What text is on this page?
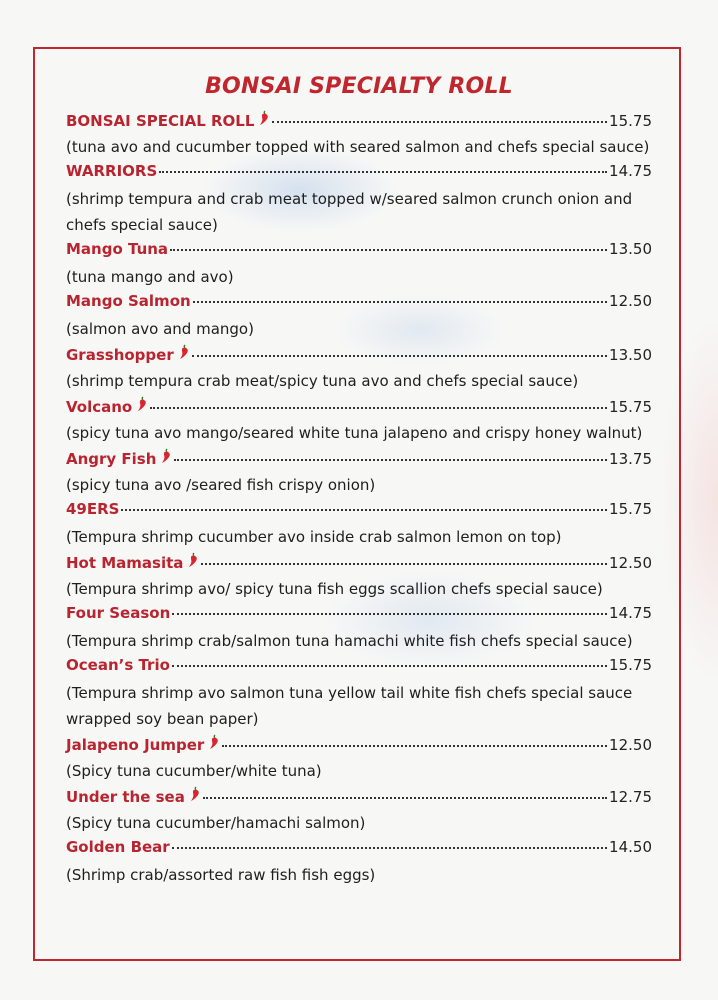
BONSAI SPECIALTY ROLL
BONSAI SPECIAL ROLL	15.75
(tuna avo and cucumber topped with seared salmon and chefs special sauce)
WARRIORS	14.75
(shrimp tempura and crab meat topped w/seared salmon crunch onion and chefs special sauce)
Mango Tuna	13.50
(tuna mango and avo)
Mango Salmon	12.50
(salmon avo and mango)
Grasshopper	13.50
(shrimp tempura crab meat/spicy tuna avo and chefs special sauce)
Volcano	15.75
(spicy tuna avo mango/seared white tuna jalapeno and crispy honey walnut)
Angry Fish	13.75
(spicy tuna avo /seared fish crispy onion)
49ERS	15.75
(Tempura shrimp cucumber avo inside crab salmon lemon on top)
Hot Mamasita	12.50
(Tempura shrimp avo/ spicy tuna fish eggs scallion chefs special sauce)
Four Season	14.75
(Tempura shrimp crab/salmon tuna hamachi white fish chefs special sauce)
Ocean’s Trio	15.75
(Tempura shrimp avo salmon tuna yellow tail white fish chefs special sauce wrapped soy bean paper)
Jalapeno Jumper	12.50
(Spicy tuna cucumber/white tuna)
Under the sea	12.75
(Spicy tuna cucumber/hamachi salmon)
Golden Bear	14.50
(Shrimp crab/assorted raw fish fish eggs)
